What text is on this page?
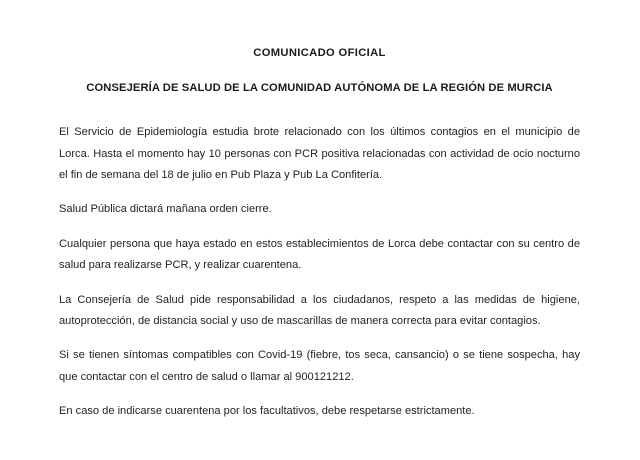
COMUNICADO OFICIAL
CONSEJERÍA DE SALUD DE LA COMUNIDAD AUTÓNOMA DE LA REGIÓN DE MURCIA

El Servicio de Epidemiología estudia brote relacionado con los últimos contagios en el municipio de Lorca. Hasta el momento hay 10 personas con PCR positiva relacionadas con actividad de ocio nocturno el fin de semana del 18 de julio en Pub Plaza y Pub La Confitería.

Salud Pública dictará mañana orden cierre.

Cualquier persona que haya estado en estos establecimientos de Lorca debe contactar con su centro de salud para realizarse PCR, y realizar cuarentena.

La Consejería de Salud pide responsabilidad a los ciudadanos, respeto a las medidas de higiene, autoprotección, de distancia social y uso de mascarillas de manera correcta para evitar contagios.

Si se tienen síntomas compatibles con Covid-19 (fiebre, tos seca, cansancio) o se tiene sospecha, hay que contactar con el centro de salud o llamar al 900121212.

En caso de indicarse cuarentena por los facultativos, debe respetarse estrictamente.
